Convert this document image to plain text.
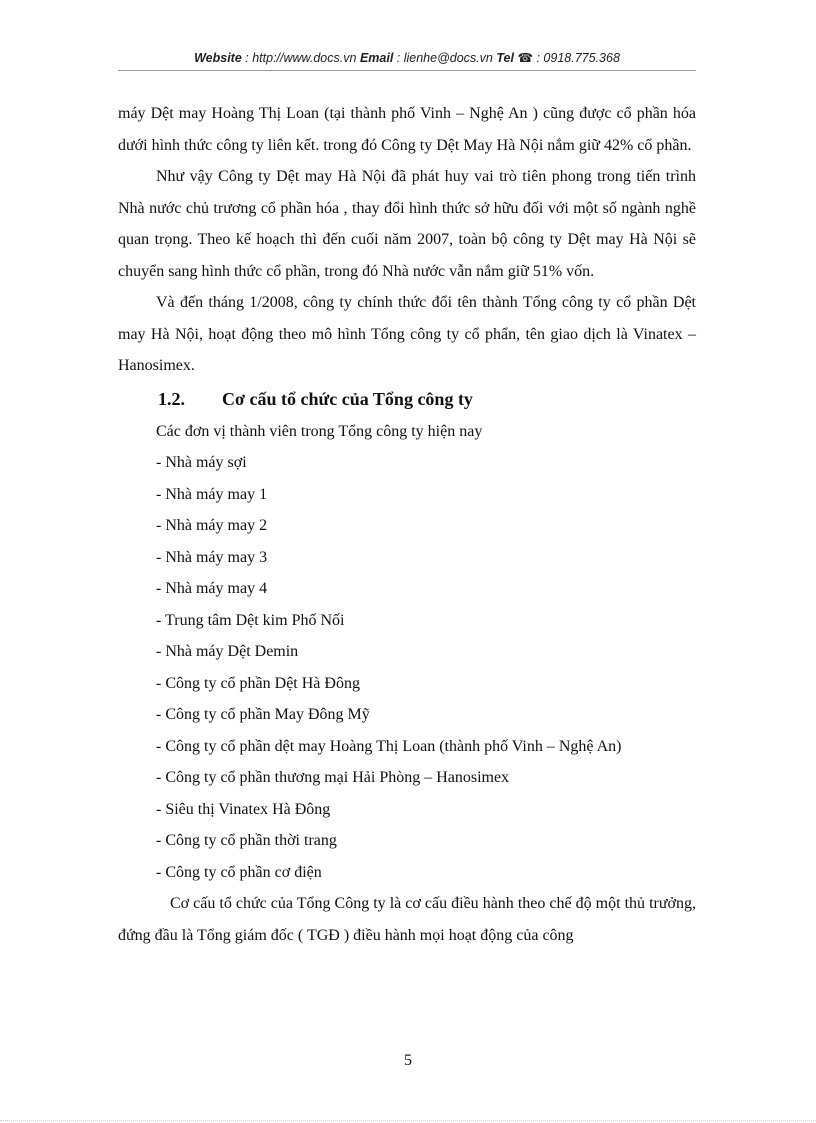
Website : http://www.docs.vn Email : lienhe@docs.vn Tel ☎ : 0918.775.368

máy Dệt may Hoàng Thị Loan (tại thành phố Vinh – Nghệ An ) cũng được cổ phần hóa dưới hình thức công ty liên kết. trong đó Công ty Dệt May Hà Nội nắm giữ 42% cổ phần.

Như vậy Công ty Dệt may Hà Nội đã phát huy vai trò tiên phong trong tiến trình Nhà nước chủ trương cổ phần hóa , thay đổi hình thức sở hữu đối với một số ngành nghề quan trọng. Theo kế hoạch thì đến cuối năm 2007, toàn bộ công ty Dệt may Hà Nội sẽ chuyển sang hình thức cổ phần, trong đó Nhà nước vẫn nắm giữ 51% vốn.

Và đến tháng 1/2008, công ty chính thức đổi tên thành Tổng công ty cổ phần Dệt may Hà Nội, hoạt động theo mô hình Tổng công ty cổ phẩn, tên giao dịch là Vinatex – Hanosimex.

1.2. Cơ cấu tổ chức của Tổng công ty

Các đơn vị thành viên trong Tổng công ty hiện nay

- Nhà máy sợi
- Nhà máy may 1
- Nhà máy may 2
- Nhà máy may 3
- Nhà máy may 4
- Trung tâm Dệt kim Phố Nối
- Nhà máy Dệt Demin
- Công ty cổ phần Dệt Hà Đông
- Công ty cổ phần May Đông Mỹ
- Công ty cổ phần dệt may Hoàng Thị Loan (thành phố Vinh – Nghệ An)
- Công ty cổ phần thương mại Hải Phòng – Hanosimex
- Siêu thị Vinatex Hà Đông
- Công ty cổ phần thời trang
- Công ty cổ phần cơ điện

Cơ cấu tổ chức của Tổng Công ty là cơ cấu điều hành theo chế độ một thủ trưởng, đứng đầu là Tổng giám đốc ( TGĐ ) điều hành mọi hoạt động của công

5
